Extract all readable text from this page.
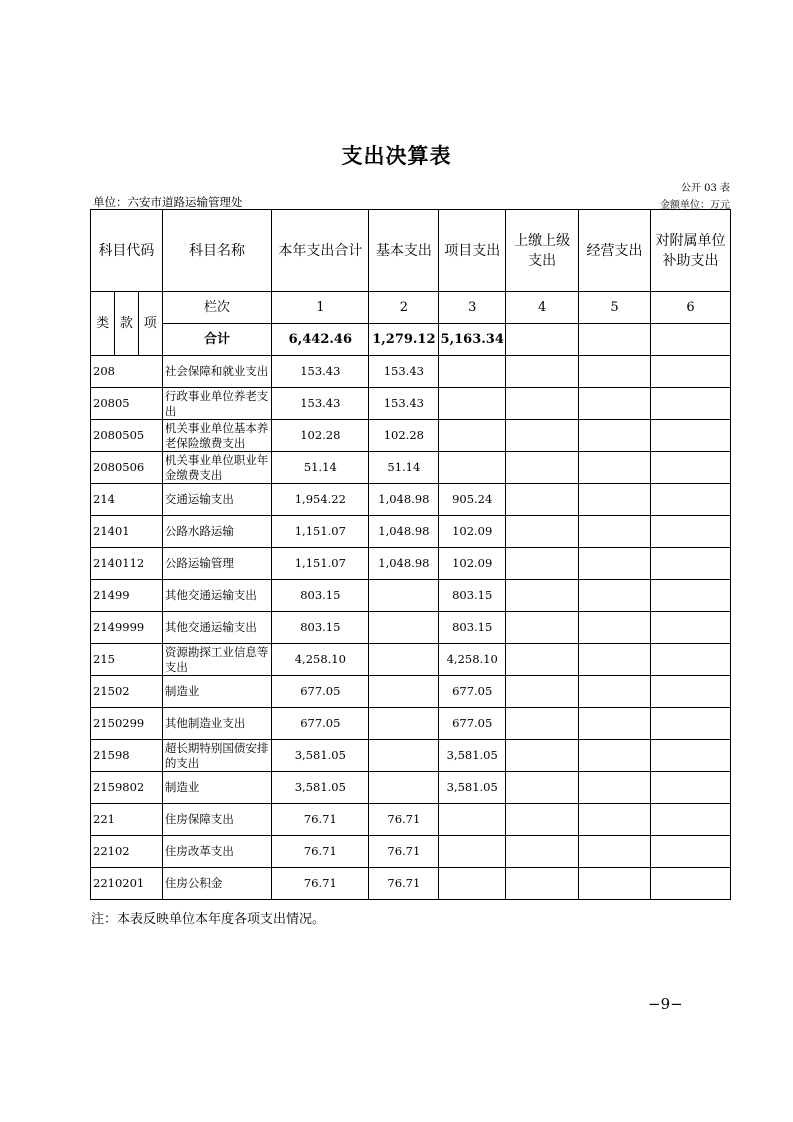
支出决算表
公开 03 表
单位：六安市道路运输管理处	金额单位：万元
科目代码			科目名称	本年支出合计	基本支出	项目支出	上缴上级支出	经营支出	对附属单位补助支出

类	款	项	栏次	1	2	3	4	5	6
			合计	6,442.46	1,279.12	5,163.34			
208			社会保障和就业支出	153.43	153.43				
20805			行政事业单位养老支出	153.43	153.43				
2080505			机关事业单位基本养老保险缴费支出	102.28	102.28				
2080506			机关事业单位职业年金缴费支出	51.14	51.14				
214			交通运输支出	1,954.22	1,048.98	905.24			
21401			公路水路运输	1,151.07	1,048.98	102.09			
2140112			公路运输管理	1,151.07	1,048.98	102.09			
21499			其他交通运输支出	803.15		803.15			
2149999			其他交通运输支出	803.15		803.15			
215			资源勘探工业信息等支出	4,258.10		4,258.10			
21502			制造业	677.05		677.05			
2150299			其他制造业支出	677.05		677.05			
21598			超长期特别国债安排的支出	3,581.05		3,581.05			
2159802			制造业	3,581.05		3,581.05			
221			住房保障支出	76.71	76.71				
22102			住房改革支出	76.71	76.71				
2210201			住房公积金	76.71	76.71				
注：本表反映单位本年度各项支出情况。
−9−
